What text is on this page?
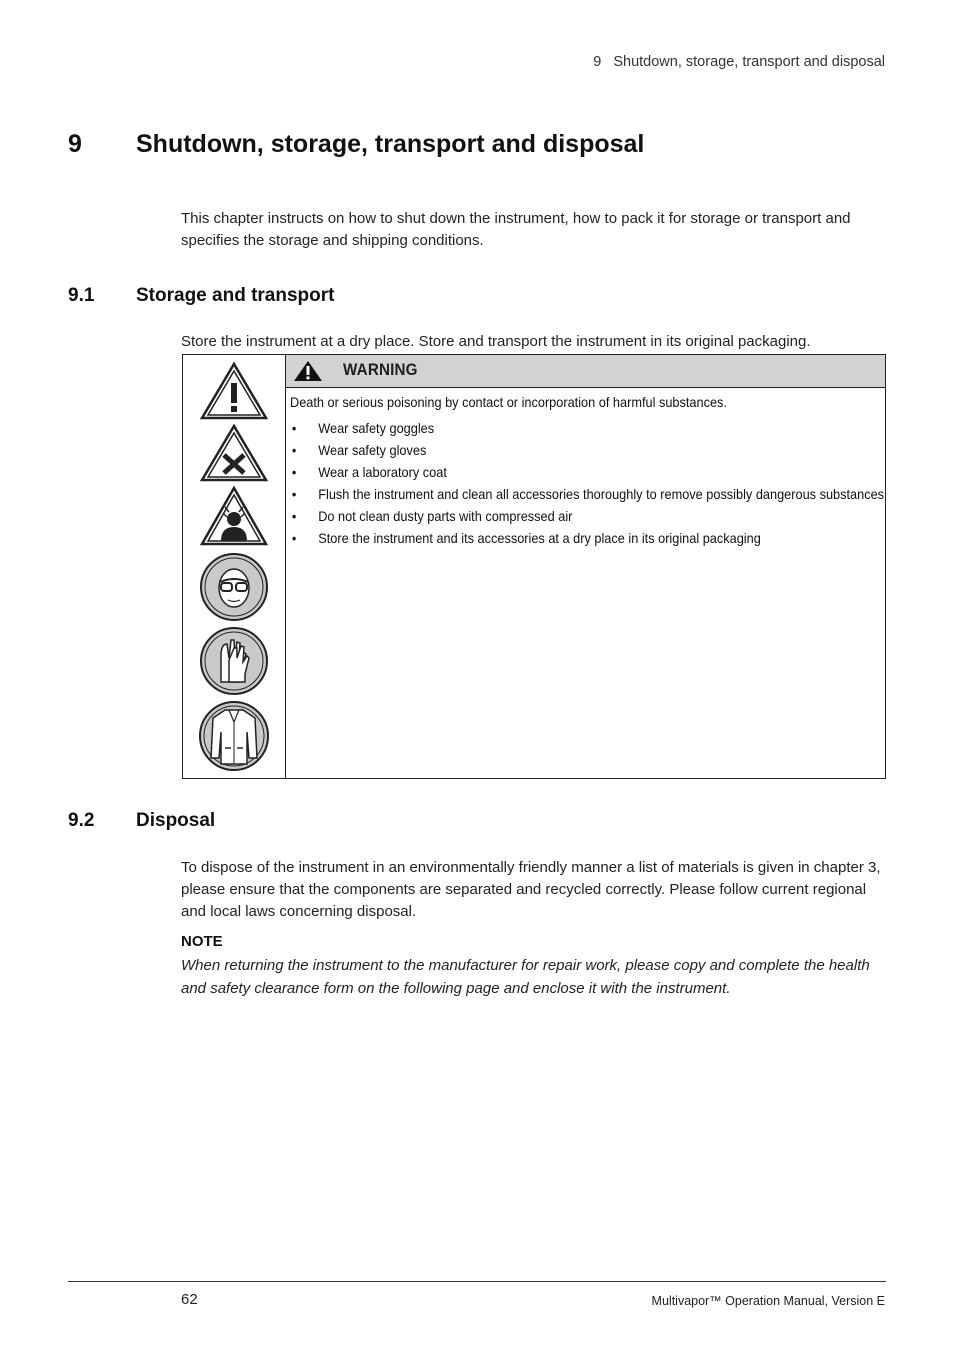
9 Shutdown, storage, transport and disposal
9 Shutdown, storage, transport and disposal
This chapter instructs on how to shut down the instrument, how to pack it for storage or transport and specifies the storage and shipping conditions.
9.1 Storage and transport
Store the instrument at a dry place. Store and transport the instrument in its original packaging.
WARNING
Death or serious poisoning by contact or incorporation of harmful substances.
• Wear safety goggles
• Wear safety gloves
• Wear a laboratory coat
• Flush the instrument and clean all accessories thoroughly to remove possibly dangerous substances
• Do not clean dusty parts with compressed air
• Store the instrument and its accessories at a dry place in its original packaging
9.2 Disposal
To dispose of the instrument in an environmentally friendly manner a list of materials is given in chapter 3, please ensure that the components are separated and recycled correctly. Please follow current regional and local laws concerning disposal.
NOTE
When returning the instrument to the manufacturer for repair work, please copy and complete the health and safety clearance form on the following page and enclose it with the instrument.
62	Multivapor™ Operation Manual, Version E
